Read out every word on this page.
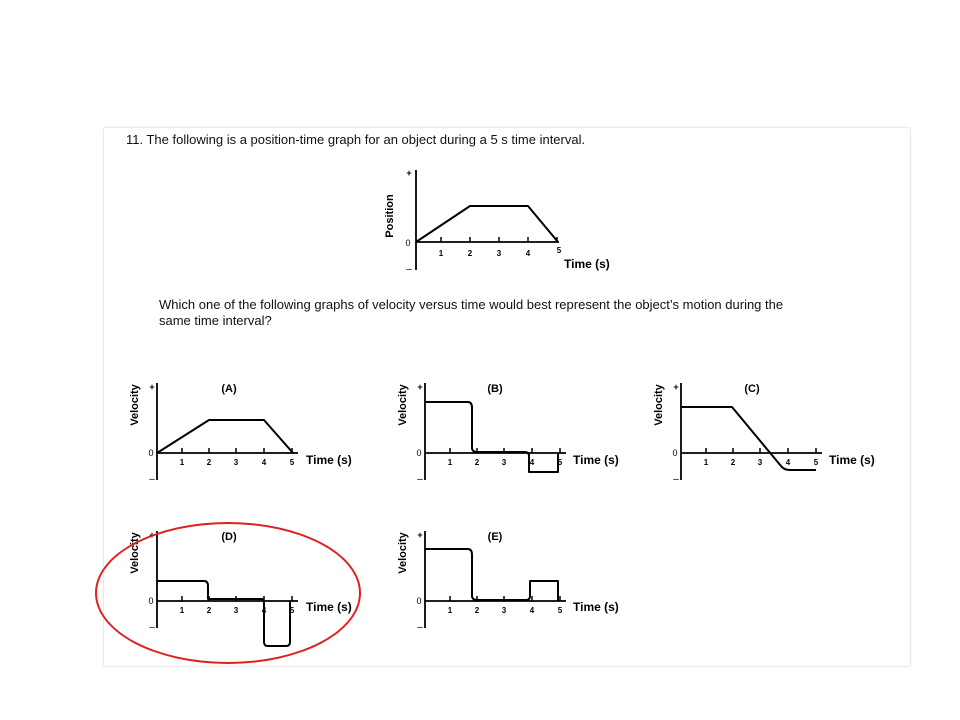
11. The following is a position-time graph for an object during a 5 s time interval.

Position
+
0
–
1	2	3	4	5
Time (s)

Which one of the following graphs of velocity versus time would best represent the object’s motion during the

same time interval?

Velocity +
0
–
1	2	3	4	5
(A)
Time (s)
Velocity +
0
–
1	2	3	4	5
(B)
Time (s)
Velocity +
0
–
1	2	3	4	5
(C)
Time (s)
Velocity +
0
–
1	2	3	4	5
(D)
Time (s)
Velocity +
0
–
1	2	3	4	5
(E)
Time (s)
